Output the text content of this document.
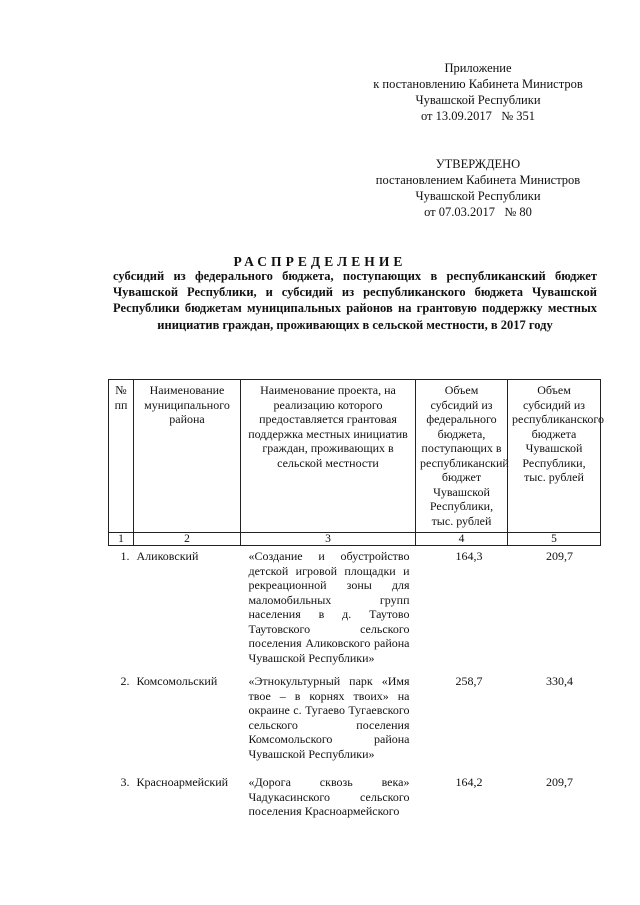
Приложение
к постановлению Кабинета Министров
Чувашской Республики
от 13.09.2017   № 351
УТВЕРЖДЕНО
постановлением Кабинета Министров
Чувашской Республики
от 07.03.2017   № 80
РАСПРЕДЕЛЕНИЕ
субсидий из федерального бюджета, поступающих в республиканский бюджет Чувашской Республики, и субсидий из республиканского бюджета Чувашской Республики бюджетам муниципальных районов на грантовую поддержку местных инициатив граждан, проживающих в сельской местности, в 2017 году
№ пп	Наименование муниципального района	Наименование проекта, на реализацию которого предоставляется грантовая поддержка местных инициатив граждан, проживающих в сельской местности	Объем субсидий из федерального бюджета, поступающих в республиканский бюджет Чувашской Республики, тыс. рублей	Объем субсидий из республиканского бюджета Чувашской Республики, тыс. рублей
1	2	3	4	5
1.	Аликовский	«Создание и обустройство детской игровой площадки и рекреационной зоны для маломобильных групп населения в д. Таутово Таутовского сельского поселения Аликовского района Чувашской Республики»	164,3	209,7
2.	Комсомольский	«Этнокультурный парк «Имя твое – в корнях твоих» на окраине с. Тугаево Тугаевского сельского поселения Комсомольского района Чувашской Республики»	258,7	330,4
3.	Красноармейский	«Дорога сквозь века» Чадукасинского сельского поселения Красноармейского	164,2	209,7
